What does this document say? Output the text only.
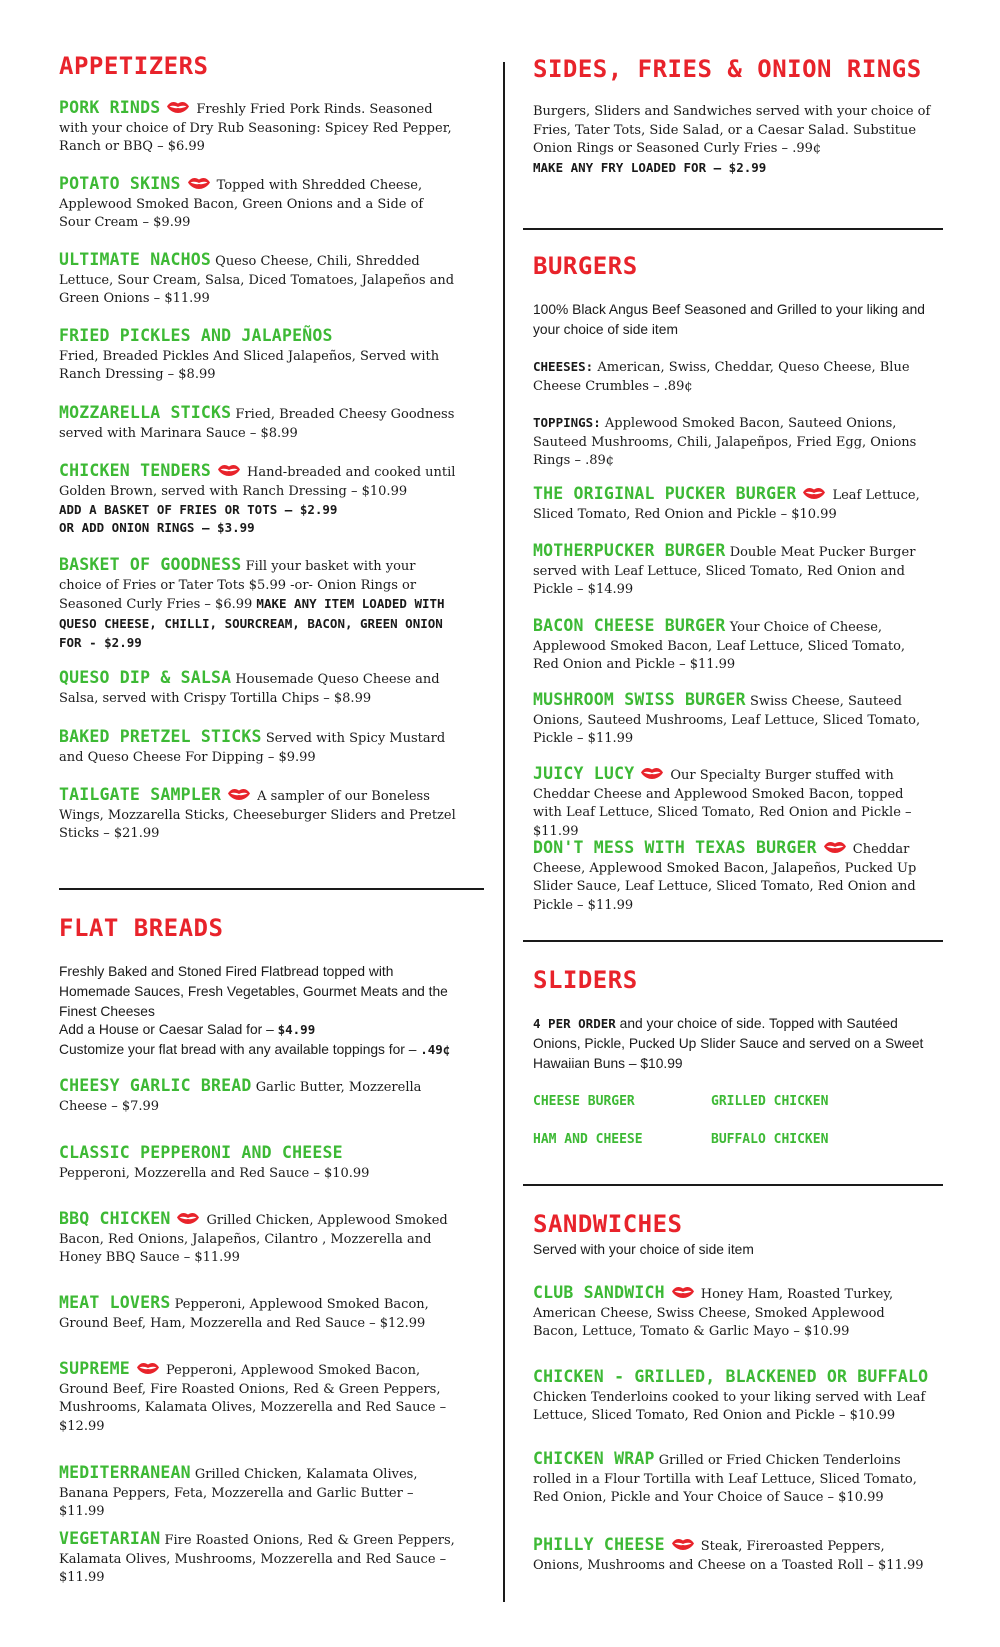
APPETIZERS
PORK RINDS	Freshly Fried Pork Rinds. Seasoned with your choice of Dry Rub Seasoning: Spicey Red Pepper, Ranch or BBQ – $6.99
POTATO SKINS	Topped with Shredded Cheese, Applewood Smoked Bacon, Green Onions and a Side of Sour Cream – $9.99
ULTIMATE NACHOS Queso Cheese, Chili, Shredded Lettuce, Sour Cream, Salsa, Diced Tomatoes, Jalapeños and Green Onions – $11.99
FRIED PICKLES AND JALAPEÑOS
Fried, Breaded Pickles And Sliced Jalapeños, Served with Ranch Dressing – $8.99
MOZZARELLA STICKS Fried, Breaded Cheesy Goodness served with Marinara Sauce – $8.99
CHICKEN TENDERS	Hand-breaded and cooked until Golden Brown, served with Ranch Dressing – $10.99
ADD A BASKET OF FRIES OR TOTS – $2.99
OR ADD ONION RINGS – $3.99
BASKET OF GOODNESS Fill your basket with your choice of Fries or Tater Tots $5.99 -or- Onion Rings or Seasoned Curly Fries – $6.99 MAKE ANY ITEM LOADED WITH QUESO CHEESE, CHILLI, SOURCREAM, BACON, GREEN ONION FOR - $2.99
QUESO DIP & SALSA Housemade Queso Cheese and Salsa, served with Crispy Tortilla Chips – $8.99
BAKED PRETZEL STICKS Served with Spicy Mustard and Queso Cheese For Dipping – $9.99
TAILGATE SAMPLER	A sampler of our Boneless Wings, Mozzarella Sticks, Cheeseburger Sliders and Pretzel Sticks – $21.99
FLAT BREADS
Freshly Baked and Stoned Fired Flatbread topped with Homemade Sauces, Fresh Vegetables, Gourmet Meats and the Finest Cheeses
Add a House or Caesar Salad for – $4.99
Customize your flat bread with any available toppings for – .49¢
CHEESY GARLIC BREAD Garlic Butter, Mozzerella Cheese – $7.99
CLASSIC PEPPERONI AND CHEESE
Pepperoni, Mozzerella and Red Sauce – $10.99
BBQ CHICKEN	Grilled Chicken, Applewood Smoked Bacon, Red Onions, Jalapeños, Cilantro , Mozzerella and Honey BBQ Sauce – $11.99
MEAT LOVERS Pepperoni, Applewood Smoked Bacon, Ground Beef, Ham, Mozzerella and Red Sauce – $12.99
SUPREME	Pepperoni, Applewood Smoked Bacon, Ground Beef, Fire Roasted Onions, Red & Green Peppers, Mushrooms, Kalamata Olives, Mozzerella and Red Sauce – $12.99
MEDITERRANEAN Grilled Chicken, Kalamata Olives, Banana Peppers, Feta, Mozzerella and Garlic Butter – $11.99
VEGETARIAN Fire Roasted Onions, Red & Green Peppers, Kalamata Olives, Mushrooms, Mozzerella and Red Sauce – $11.99
SIDES, FRIES & ONION RINGS
Burgers, Sliders and Sandwiches served with your choice of Fries, Tater Tots, Side Salad, or a Caesar Salad. Substitue Onion Rings or Seasoned Curly Fries – .99¢
MAKE ANY FRY LOADED FOR – $2.99
BURGERS
100% Black Angus Beef Seasoned and Grilled to your liking and your choice of side item
CHEESES: American, Swiss, Cheddar, Queso Cheese, Blue Cheese Crumbles – .89¢
TOPPINGS: Applewood Smoked Bacon, Sauteed Onions, Sauteed Mushrooms, Chili, Jalapeñpos, Fried Egg, Onions Rings – .89¢
THE ORIGINAL PUCKER BURGER	Leaf Lettuce, Sliced Tomato, Red Onion and Pickle – $10.99
MOTHERPUCKER BURGER Double Meat Pucker Burger served with Leaf Lettuce, Sliced Tomato, Red Onion and Pickle – $14.99
BACON CHEESE BURGER Your Choice of Cheese, Applewood Smoked Bacon, Leaf Lettuce, Sliced Tomato, Red Onion and Pickle – $11.99
MUSHROOM SWISS BURGER Swiss Cheese, Sauteed Onions, Sauteed Mushrooms, Leaf Lettuce, Sliced Tomato, Pickle – $11.99
JUICY LUCY	Our Specialty Burger stuffed with Cheddar Cheese and Applewood Smoked Bacon, topped with Leaf Lettuce, Sliced Tomato, Red Onion and Pickle – $11.99
DON'T MESS WITH TEXAS BURGER	Cheddar Cheese, Applewood Smoked Bacon, Jalapeños, Pucked Up Slider Sauce, Leaf Lettuce, Sliced Tomato, Red Onion and Pickle – $11.99
SLIDERS
4 PER ORDER and your choice of side. Topped with Sautéed Onions, Pickle, Pucked Up Slider Sauce and served on a Sweet Hawaiian Buns – $10.99
CHEESE BURGER	GRILLED CHICKEN
HAM AND CHEESE	BUFFALO CHICKEN
SANDWICHES
Served with your choice of side item
CLUB SANDWICH	Honey Ham, Roasted Turkey, American Cheese, Swiss Cheese, Smoked Applewood Bacon, Lettuce, Tomato & Garlic Mayo – $10.99
CHICKEN - GRILLED, BLACKENED OR BUFFALO
Chicken Tenderloins cooked to your liking served with Leaf Lettuce, Sliced Tomato, Red Onion and Pickle – $10.99
CHICKEN WRAP Grilled or Fried Chicken Tenderloins rolled in a Flour Tortilla with Leaf Lettuce, Sliced Tomato, Red Onion, Pickle and Your Choice of Sauce – $10.99
PHILLY CHEESE	Steak, Fireroasted Peppers, Onions, Mushrooms and Cheese on a Toasted Roll – $11.99
